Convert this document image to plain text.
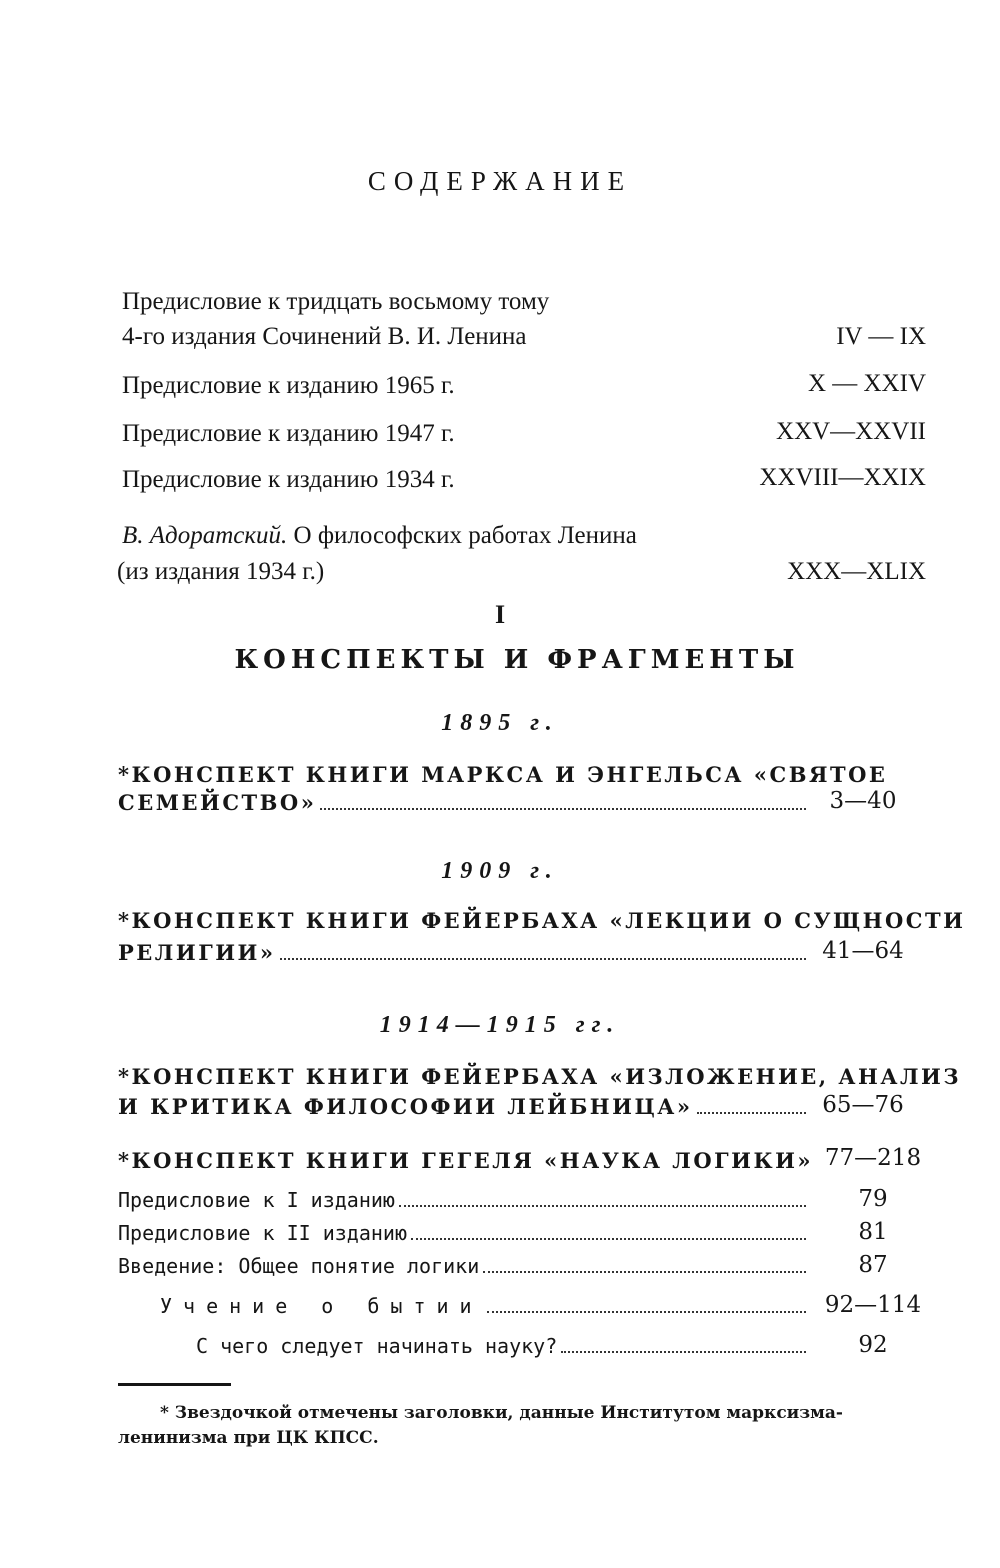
СОДЕРЖАНИЕ
Предисловие к тридцать восьмому тому
4-го издания Сочинений В. И. Ленина	IV — IX
Предисловие к изданию 1965 г.	X — XXIV
Предисловие к изданию 1947 г.	XXV—XXVII
Предисловие к изданию 1934 г.	XXVIII—XXIX
В. Адоратский. О философских работах Ленина
(из издания 1934 г.)	XXX—XLIX
I
КОНСПЕКТЫ И ФРАГМЕНТЫ
1895 г.
*КОНСПЕКТ КНИГИ МАРКСА И ЭНГЕЛЬСА «СВЯТОЕ
СЕМЕЙСТВО»	3—40
1909 г.
*КОНСПЕКТ КНИГИ ФЕЙЕРБАХА «ЛЕКЦИИ О СУЩНОСТИ
РЕЛИГИИ»	41—64
1914—1915 гг.
*КОНСПЕКТ КНИГИ ФЕЙЕРБАХА «ИЗЛОЖЕНИЕ, АНАЛИЗ
И КРИТИКА ФИЛОСОФИИ ЛЕЙБНИЦА»	65—76
*КОНСПЕКТ КНИГИ ГЕГЕЛЯ «НАУКА ЛОГИКИ» 77—218
Предисловие к I изданию	79
Предисловие к II изданию	81
Введение: Общее понятие логики	87
Учение о бытии	92—114
С чего следует начинать науку?	92
* Звездочкой отмечены заголовки, данные Институтом марксизма-
ленинизма при ЦК КПСС.
